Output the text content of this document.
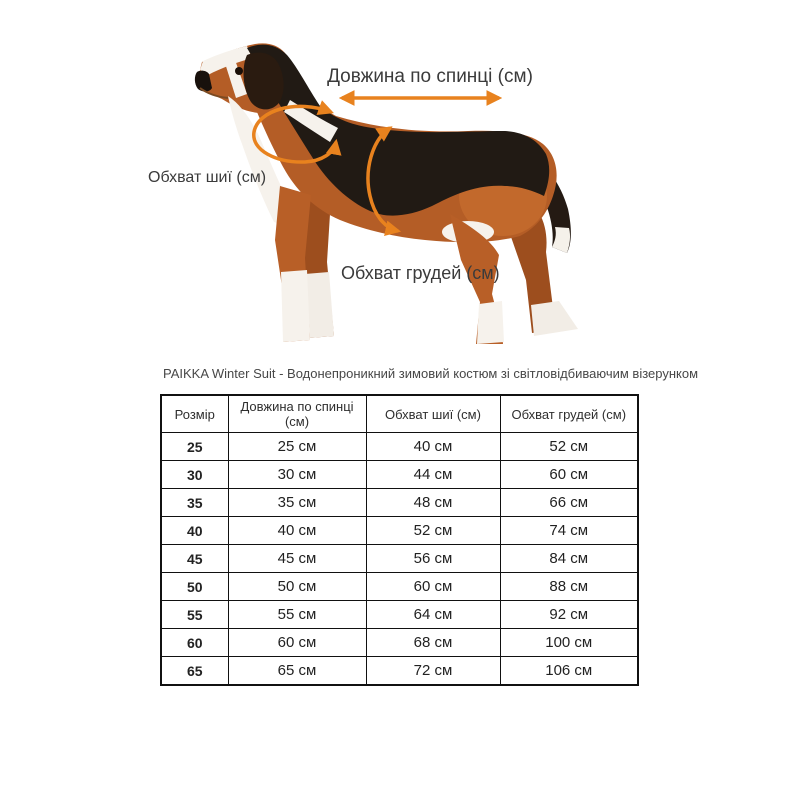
Довжина по спинці (см)
Обхват шиї (см)
Обхват грудей (см)
PAIKKA Winter Suit - Водонепроникний зимовий костюм зі світловідбиваючим візерунком
Розмір	Довжина по спинці (см)	Обхват шиї (см)	Обхват грудей (см)
25	25 см	40 см	52 см
30	30 см	44 см	60 см
35	35 см	48 см	66 см
40	40 см	52 см	74 см
45	45 см	56 см	84 см
50	50 см	60 см	88 см
55	55 см	64 см	92 см
60	60 см	68 см	100 см
65	65 см	72 см	106 см
